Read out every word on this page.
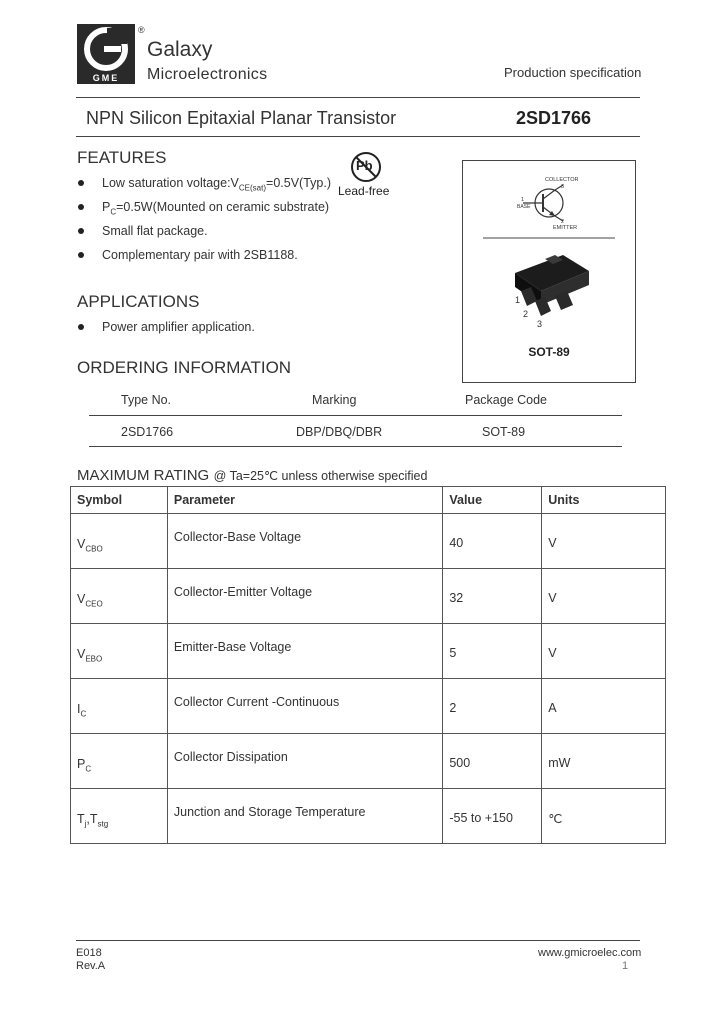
GME
®
Galaxy
Microelectronics	Production specification
NPN Silicon Epitaxial Planar Transistor	2SD1766
FEATURES	Pb
Lead-free
Low saturation $voltage:V_{CE(sat)}=0.5V(Typ.)$
$P_C=0.5W(Mounted$ on ceramic substrate)
Small flat package.
Complementary pair with 2SB1188.
COLLECTOR
3
1
BASE
2
EMITTER
1
2
3
SOT-89
APPLICATIONS
Power amplifier application.
ORDERING INFORMATION
Type No.	Marking	Package Code
2SD1766	DBP/DBQ/DBR	SOT-89
MAXIMUM RATING @ Ta=25℃ unless otherwise specified
Symbol	Parameter	Value	Units
$V_{CBO}$	Collector-Base Voltage	40	V
$V_{CEO}$	Collector-Emitter Voltage	32	V
$V_{EBO}$	Emitter-Base Voltage	5	V
$I_C$	Collector Current -Continuous	2	A
$P_C$	Collector Dissipation	500	mW
$T_j,T_{stg}$	Junction and Storage Temperature	-55 to +150	℃
E018
Rev.A
www.gmicroelec.com
1
